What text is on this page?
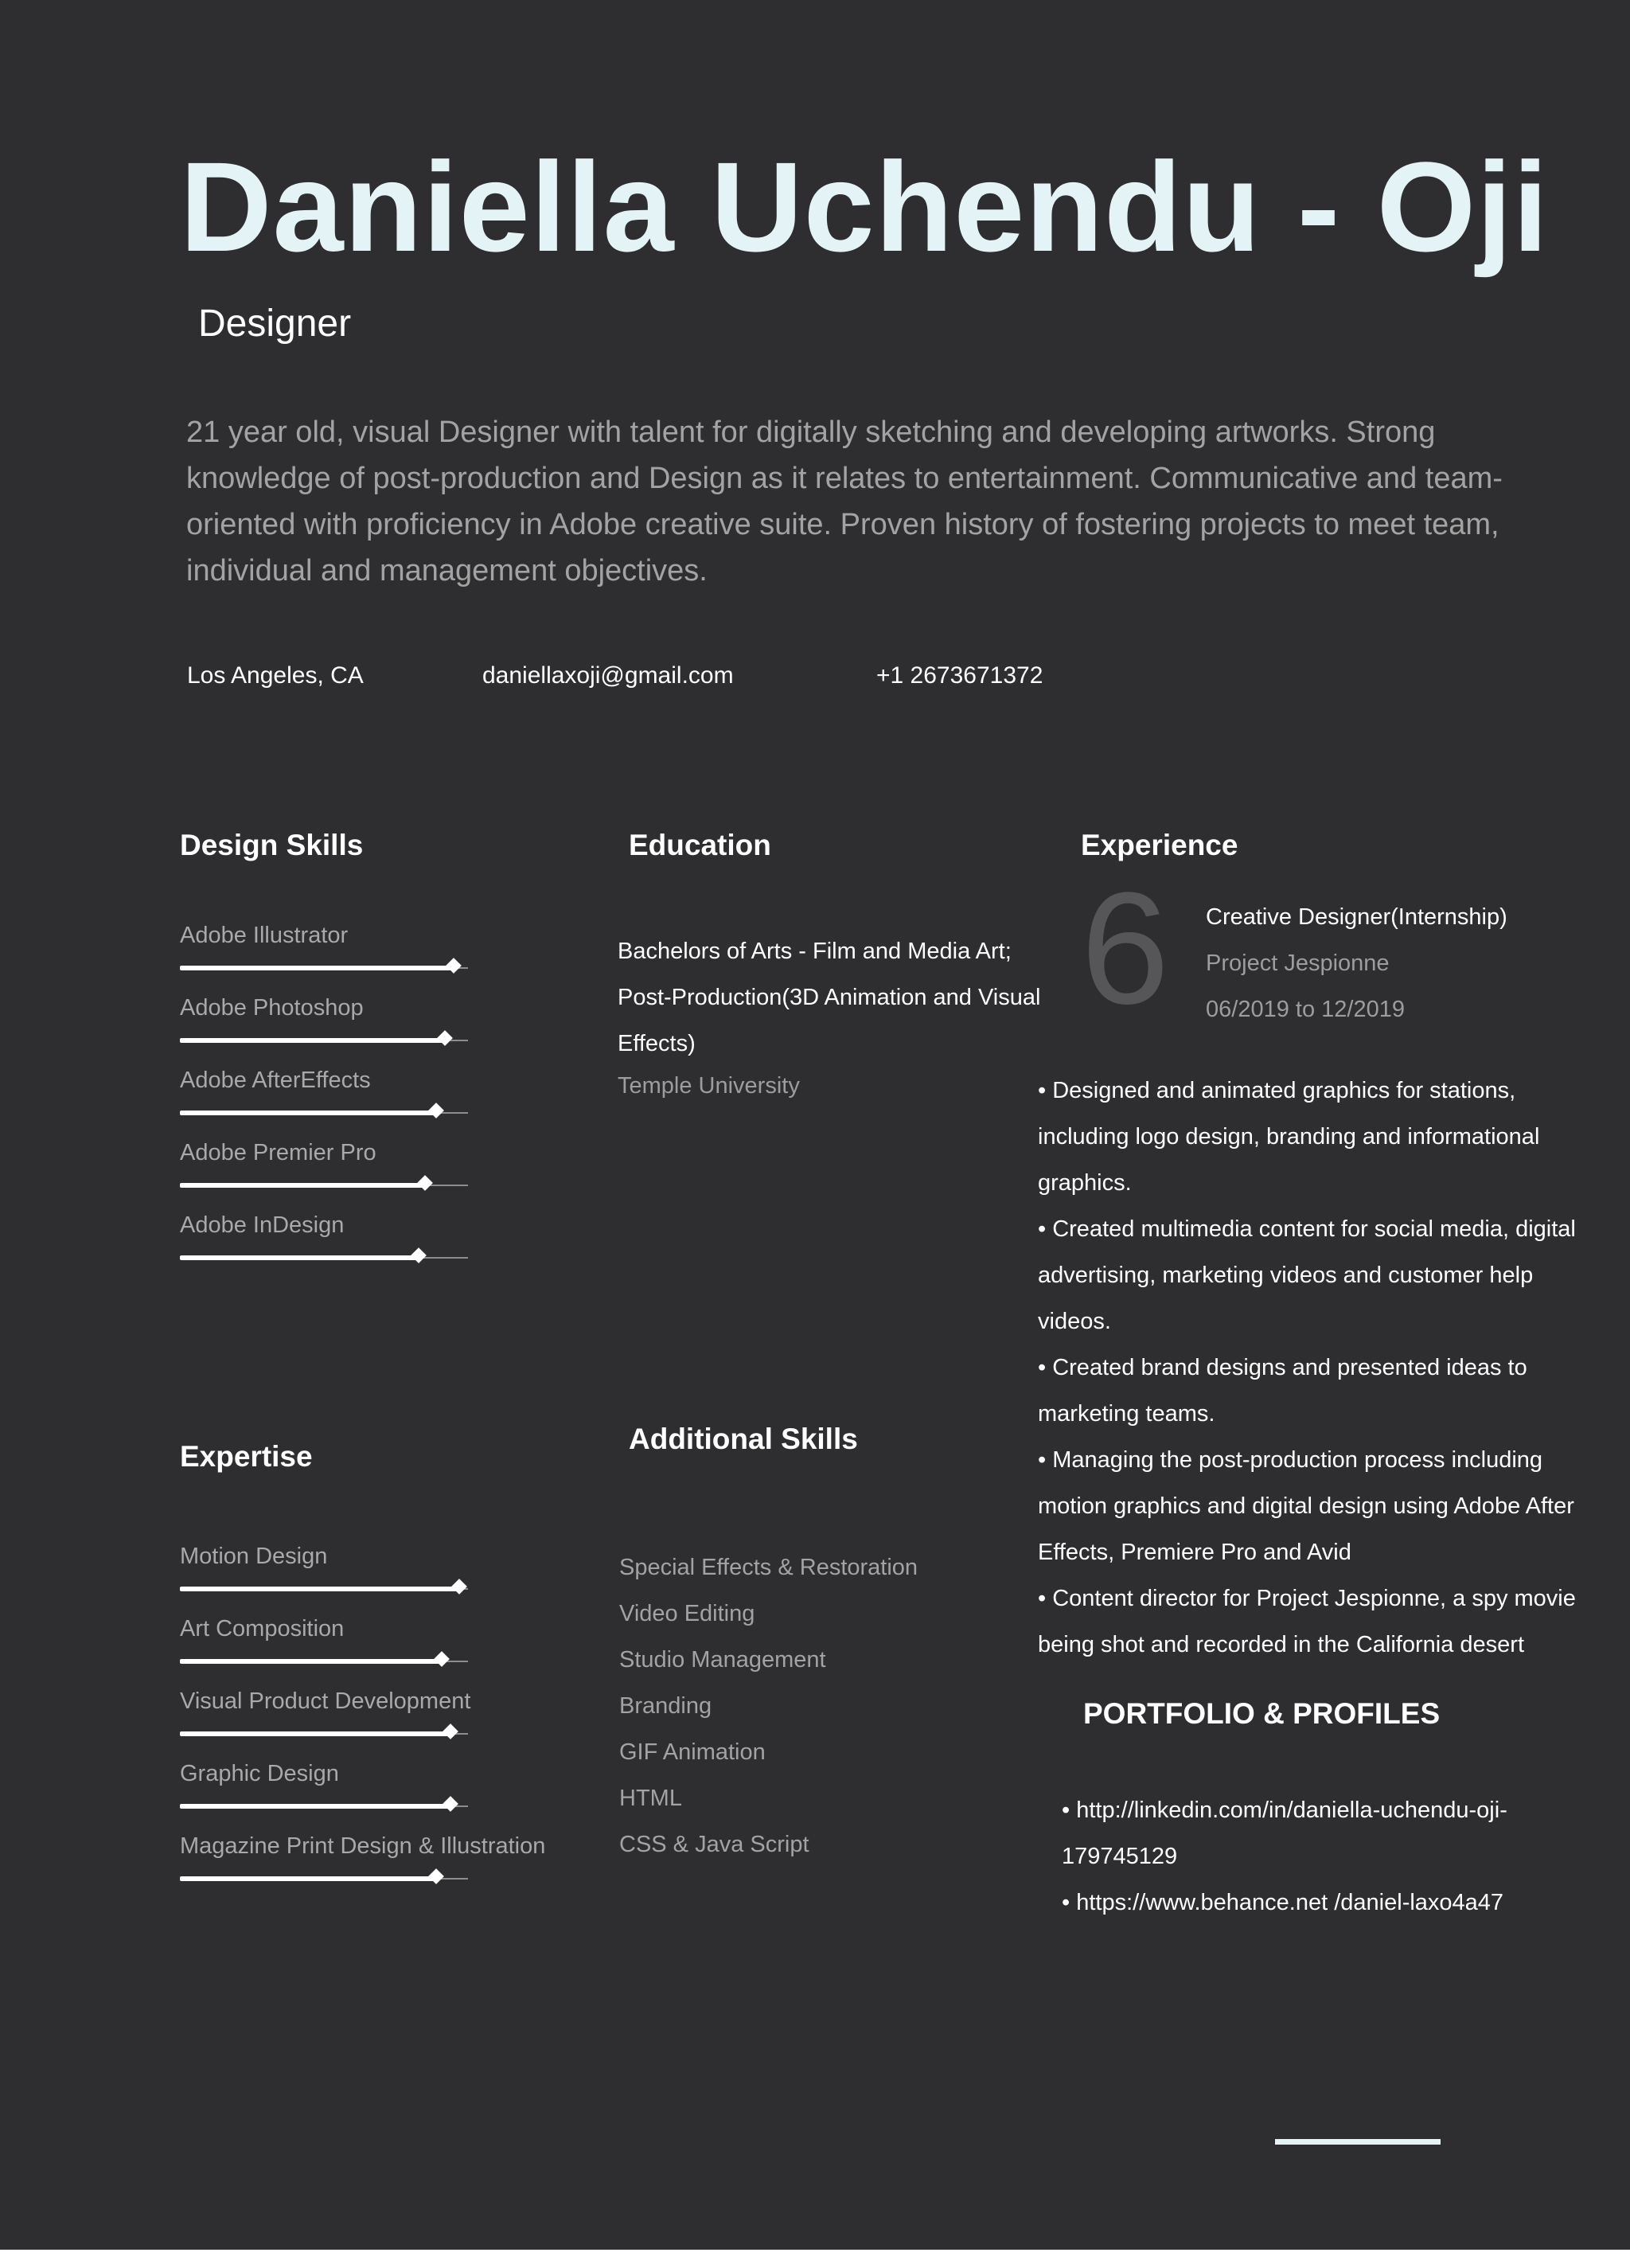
Daniella Uchendu - Oji
Designer

21 year old, visual Designer with talent for digitally sketching and developing artworks. Strong knowledge of post-production and Design as it relates to entertainment. Communicative and team-oriented with proficiency in Adobe creative suite. Proven history of fostering projects to meet team, individual and management objectives.

Los Angeles, CA	daniellaxoji@gmail.com	+1 2673671372
Design Skills
Adobe Illustrator
Adobe Photoshop
Adobe AfterEffects
Adobe Premier Pro
Adobe InDesign
Education

Bachelors of Arts - Film and Media Art; Post-Production(3D Animation and Visual Effects)

Temple University
Experience
6 Creative Designer(Internship)
Project Jespionne
06/2019 to 12/2019
• Designed and animated graphics for stations, including logo design, branding and informational graphics.
• Created multimedia content for social media, digital advertising, marketing videos and customer help videos.
• Created brand designs and presented ideas to marketing teams.
• Managing the post-production process including motion graphics and digital design using Adobe After Effects, Premiere Pro and Avid
• Content director for Project Jespionne, a spy movie being shot and recorded in the California desert
Expertise
Motion Design
Art Composition
Visual Product Development
Graphic Design
Magazine Print Design & Illustration
Additional Skills
Special Effects & Restoration
Video Editing
Studio Management
Branding
GIF Animation
HTML
CSS & Java Script
PORTFOLIO & PROFILES
• http://linkedin.com/in/daniella-uchendu-oji-179745129
• https://www.behance.net /daniel-laxo4a47
